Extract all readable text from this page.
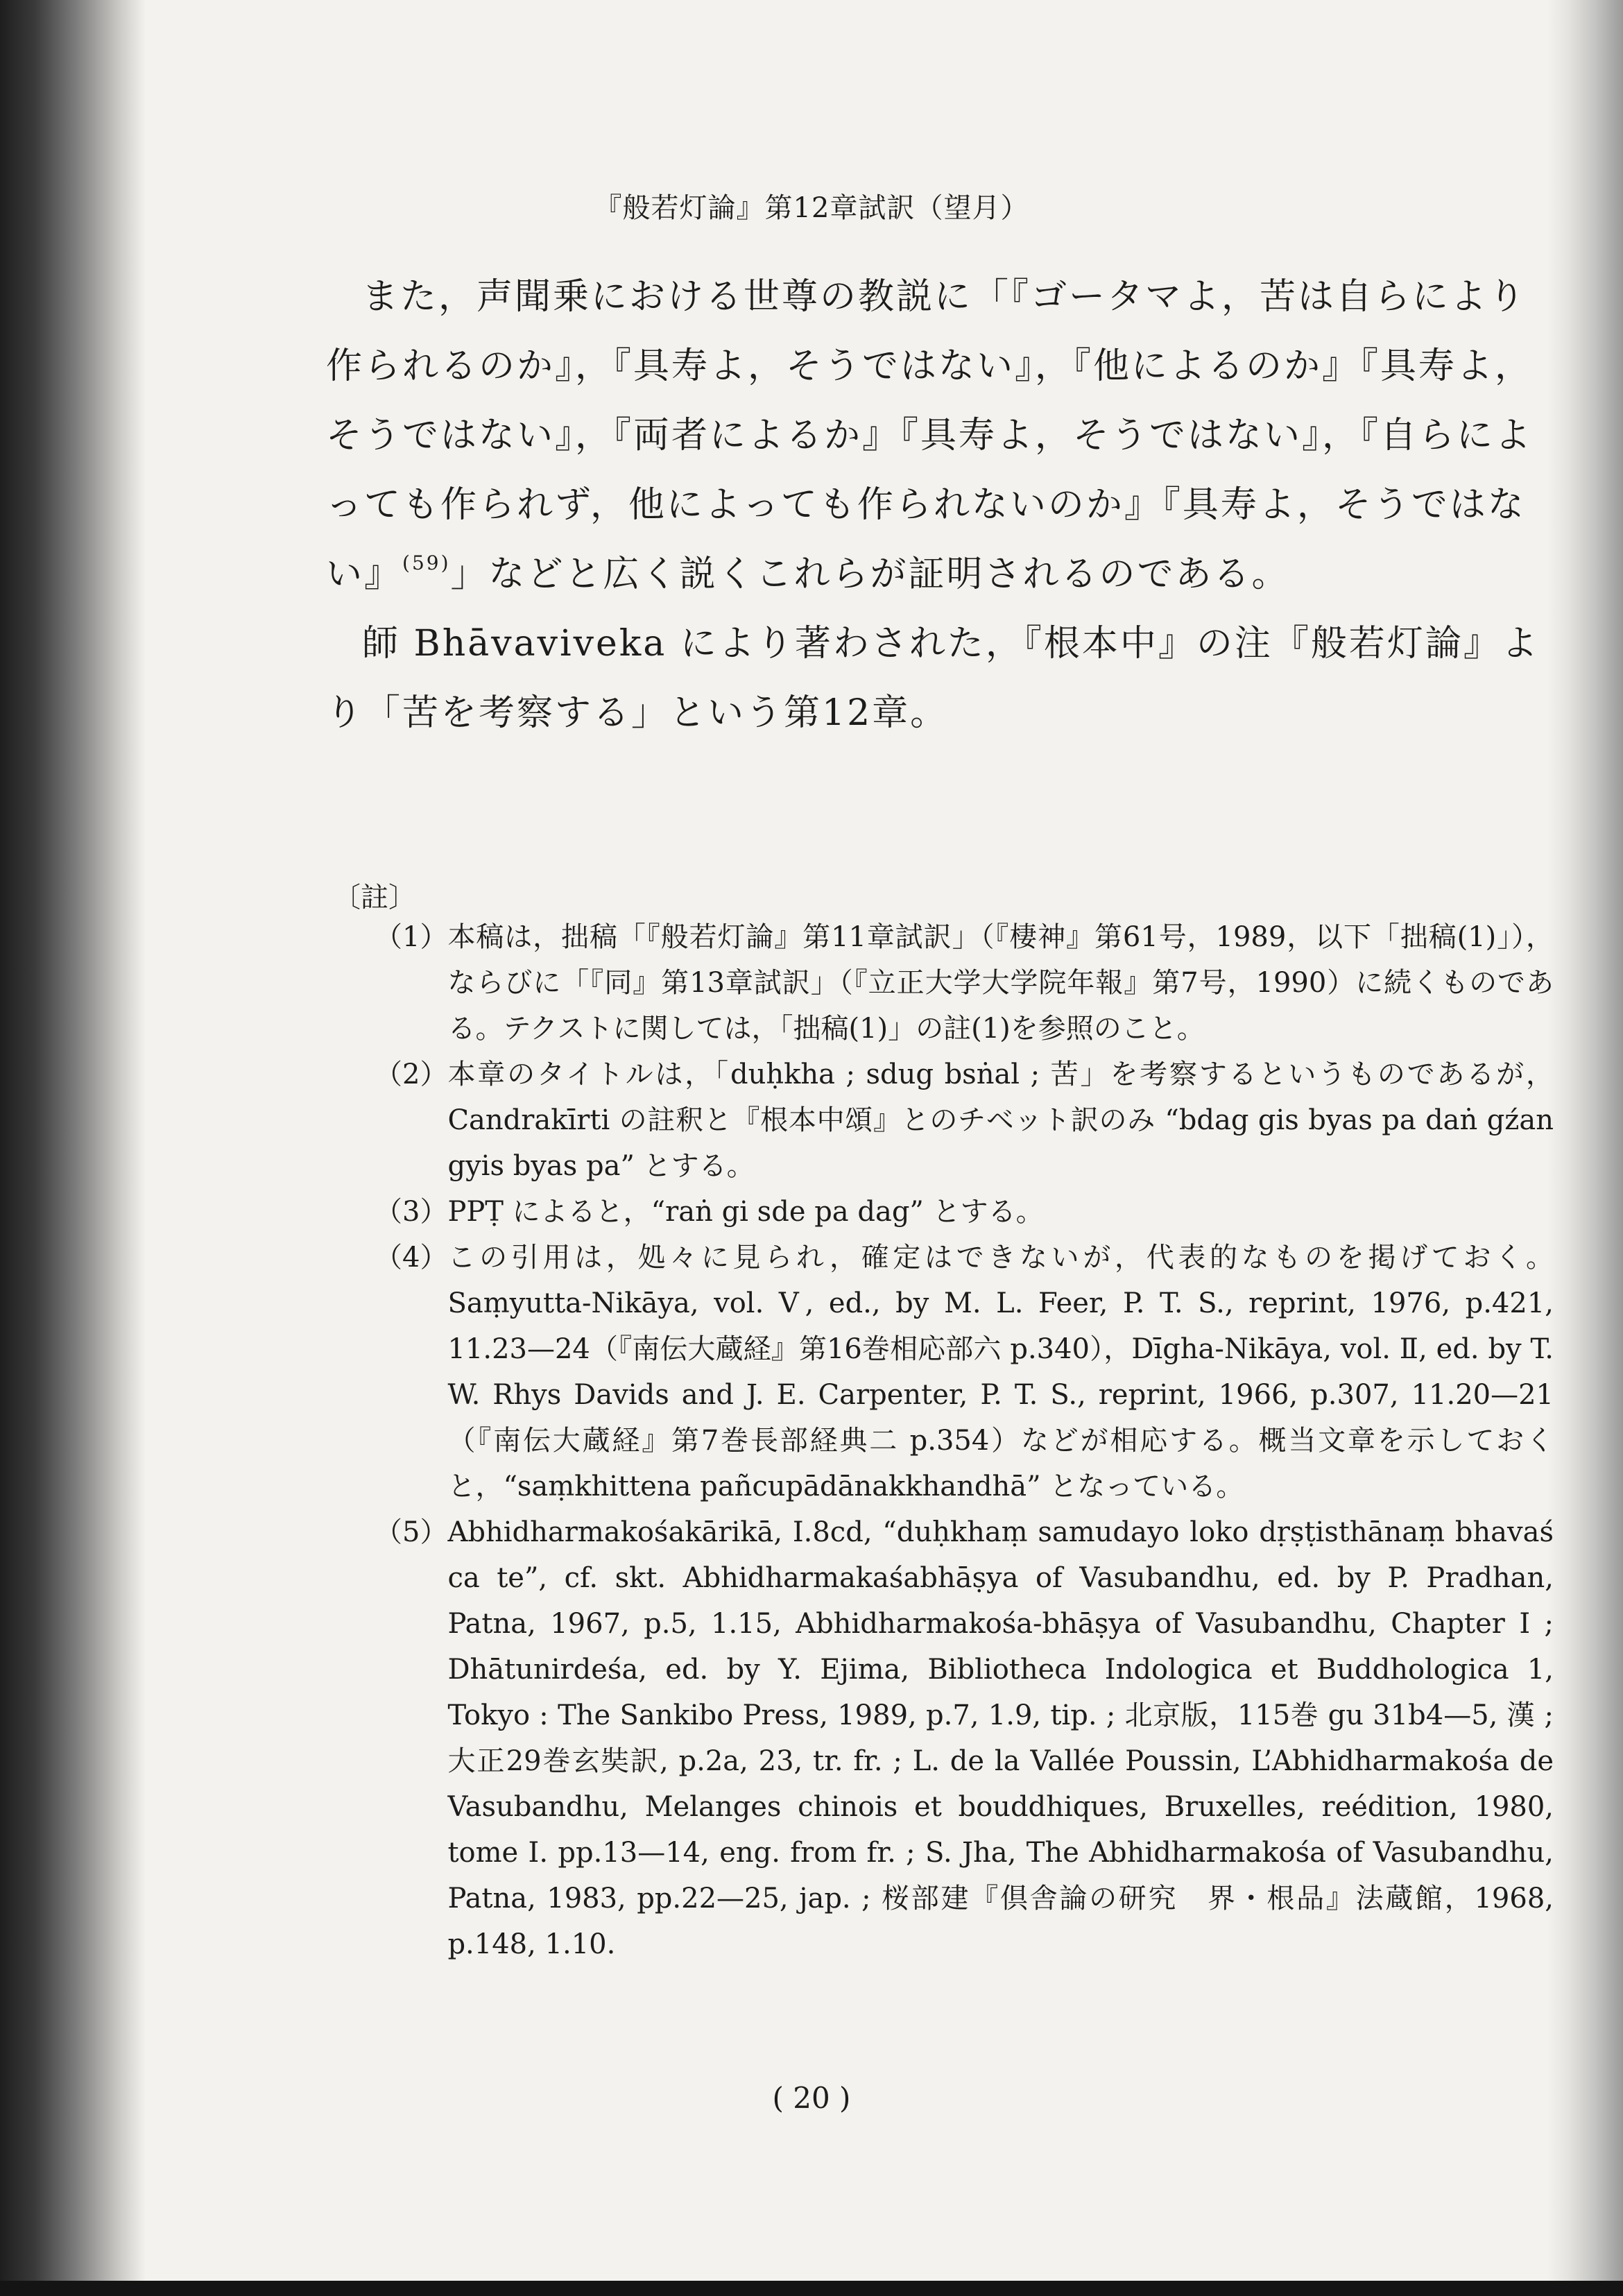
『般若灯論』第12章試訳（望月）

また，声聞乗における世尊の教説に「『ゴータマよ，苦は自らにより作られるのか』，『具寿よ，そうではない』，『他によるのか』『具寿よ，そうではない』，『両者によるか』『具寿よ，そうではない』，『自らによっても作られず，他によっても作られないのか』『具寿よ，そうではない』$^{(59)}$」などと広く説くこれらが証明されるのである。

師 Bhāvaviveka により著わされた，『根本中』の注『般若灯論』より「苦を考察する」という第12章。

〔註〕
（1） 本稿は，拙稿「『般若灯論』第11章試訳」（『棲神』第61号，1989，以下「拙稿(1)」），ならびに「『同』第13章試訳」（『立正大学大学院年報』第7号，1990）に続くものである。テクストに関しては，「拙稿(1)」の註(1)を参照のこと。
（2） 本章のタイトルは，「duḥkha ; sdug bsṅal ; 苦」を考察するというものであるが，Candrakīrti の註釈と『根本中頌』とのチベット訳のみ “bdag gis byas pa daṅ gźan gyis byas pa” とする。
（3） PPṬ によると，“raṅ gi sde pa dag” とする。
（4） この引用は，処々に見られ，確定はできないが，代表的なものを掲げておく。Saṃyutta-Nikāya, vol. Ⅴ, ed., by M. L. Feer, P. T. S., reprint, 1976, p.421, 11.23—24（『南伝大蔵経』第16巻相応部六 p.340），Dīgha-Nikāya, vol. Ⅱ, ed. by T. W. Rhys Davids and J. E. Carpenter, P. T. S., reprint, 1966, p.307, 11.20—21（『南伝大蔵経』第7巻長部経典二 p.354）などが相応する。概当文章を示しておくと，“saṃkhittena pañcupādānakkhandhā” となっている。
（5） Abhidharmakośakārikā, I.8cd, “duḥkhaṃ samudayo loko dṛṣṭisthānaṃ bhavaś ca te”, cf. skt. Abhidharmakaśabhāṣya of Vasubandhu, ed. by P. Pradhan, Patna, 1967, p.5, 1.15, Abhidharmakośa-bhāṣya of Vasubandhu, Chapter I ; Dhātunirdeśa, ed. by Y. Ejima, Bibliotheca Indologica et Buddhologica 1, Tokyo : The Sankibo Press, 1989, p.7, 1.9, tip. ; 北京版，115巻 gu 31b4—5, 漢 ; 大正29巻玄奘訳, p.2a, 23, tr. fr. ; L. de la Vallée Poussin, L’Abhidharmakośa de Vasubandhu, Melanges chinois et bouddhiques, Bruxelles, reédition, 1980, tome I. pp.13—14, eng. from fr. ; S. Jha, The Abhidharmakośa of Vasubandhu, Patna, 1983, pp.22—25, jap. ; 桜部建『倶舎論の研究　界・根品』法蔵館，1968, p.148, 1.10.
( 20 )
